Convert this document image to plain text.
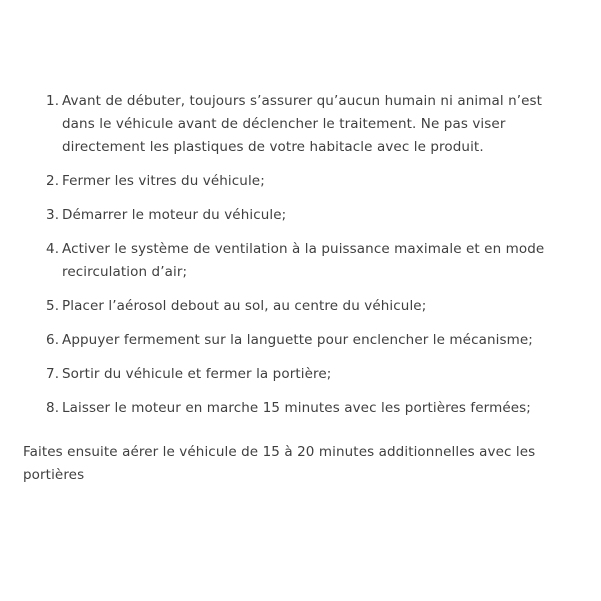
1. Avant de débuter, toujours s’assurer qu’aucun humain ni animal n’est dans le véhicule avant de déclencher le traitement. Ne pas viser directement les plastiques de votre habitacle avec le produit.
2. Fermer les vitres du véhicule;
3. Démarrer le moteur du véhicule;
4. Activer le système de ventilation à la puissance maximale et en mode recirculation d’air;
5. Placer l’aérosol debout au sol, au centre du véhicule;
6. Appuyer fermement sur la languette pour enclencher le mécanisme;
7. Sortir du véhicule et fermer la portière;
8. Laisser le moteur en marche 15 minutes avec les portières fermées;

Faites ensuite aérer le véhicule de 15 à 20 minutes additionnelles avec les portières
